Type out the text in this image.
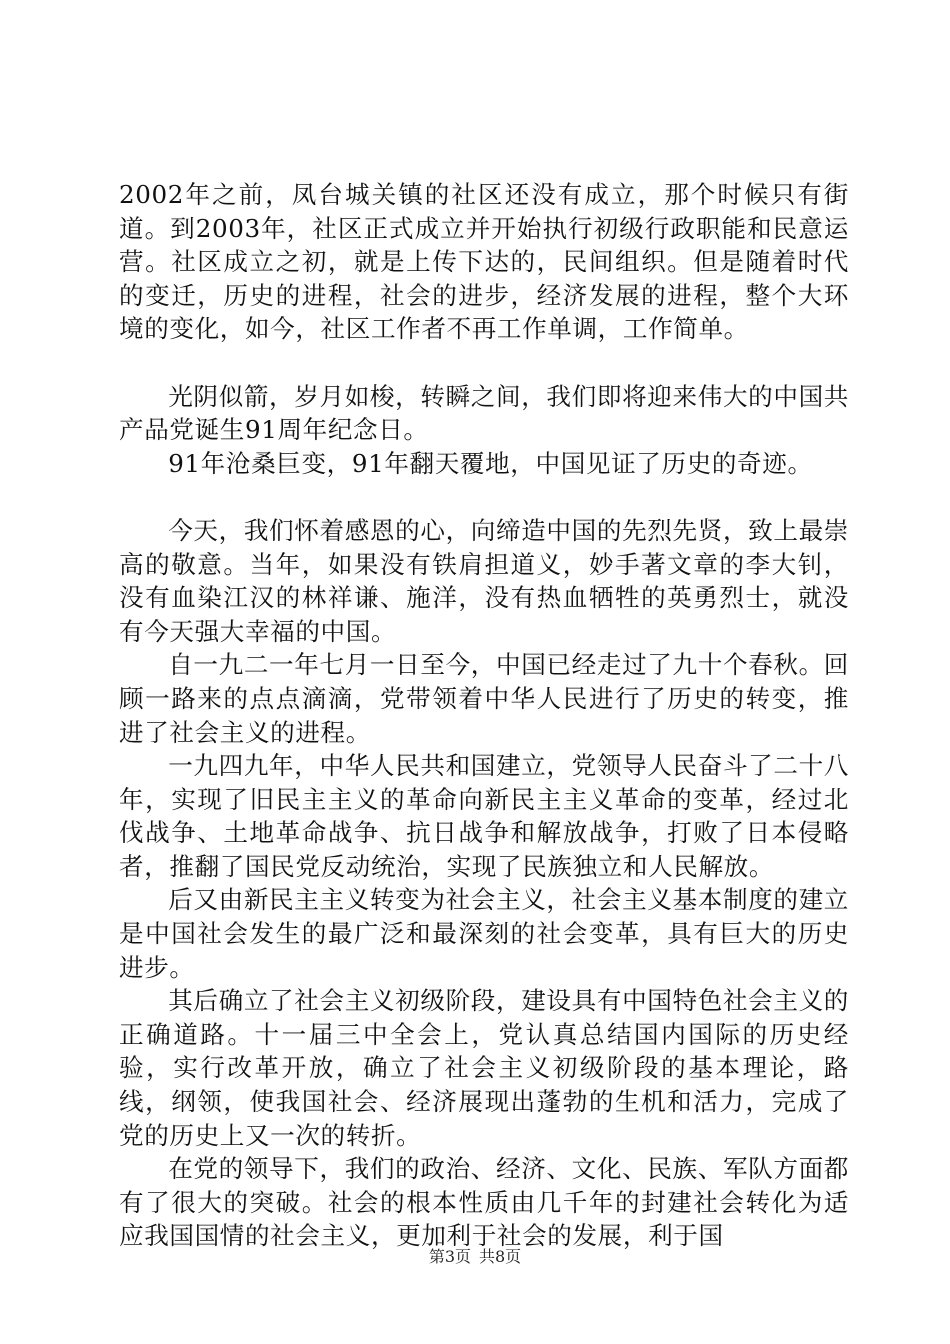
2002年之前，凤台城关镇的社区还没有成立，那个时候只有街道。到2003年，社区正式成立并开始执行初级行政职能和民意运营。社区成立之初，就是上传下达的，民间组织。但是随着时代的变迁，历史的进程，社会的进步，经济发展的进程，整个大环境的变化，如今，社区工作者不再工作单调，工作简单。

光阴似箭，岁月如梭，转瞬之间，我们即将迎来伟大的中国共产品党诞生91周年纪念日。

91年沧桑巨变，91年翻天覆地，中国见证了历史的奇迹。

今天，我们怀着感恩的心，向缔造中国的先烈先贤，致上最崇高的敬意。当年，如果没有铁肩担道义，妙手著文章的李大钊，没有血染江汉的林祥谦、施洋，没有热血牺牲的英勇烈士，就没有今天强大幸福的中国。

自一九二一年七月一日至今，中国已经走过了九十个春秋。回顾一路来的点点滴滴，党带领着中华人民进行了历史的转变，推进了社会主义的进程。

一九四九年，中华人民共和国建立，党领导人民奋斗了二十八年，实现了旧民主主义的革命向新民主主义革命的变革，经过北伐战争、土地革命战争、抗日战争和解放战争，打败了日本侵略者，推翻了国民党反动统治，实现了民族独立和人民解放。

后又由新民主主义转变为社会主义，社会主义基本制度的建立是中国社会发生的最广泛和最深刻的社会变革，具有巨大的历史进步。

其后确立了社会主义初级阶段，建设具有中国特色社会主义的正确道路。十一届三中全会上，党认真总结国内国际的历史经验，实行改革开放，确立了社会主义初级阶段的基本理论，路线，纲领，使我国社会、经济展现出蓬勃的生机和活力，完成了党的历史上又一次的转折。

在党的领导下，我们的政治、经济、文化、民族、军队方面都有了很大的突破。社会的根本性质由几千年的封建社会转化为适应我国国情的社会主义，更加利于社会的发展，利于国

第3页 共8页
